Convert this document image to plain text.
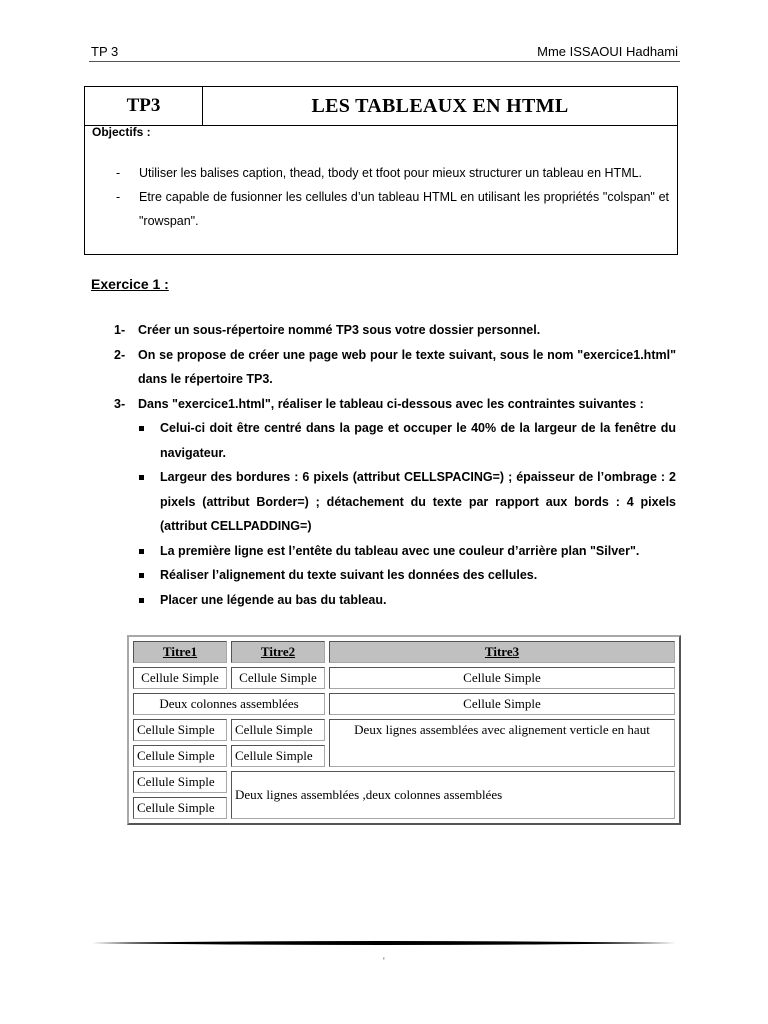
TP 3	Mme ISSAOUI Hadhami
TP3	LES TABLEAUX EN HTML
Objectifs :
- Utiliser les balises caption, thead, tbody et tfoot pour mieux structurer un tableau en HTML.
- Etre capable de fusionner les cellules d’un tableau HTML en utilisant les propriétés "colspan" et "rowspan".
Exercice 1 :
1- Créer un sous-répertoire nommé TP3 sous votre dossier personnel.
2- On se propose de créer une page web pour le texte suivant, sous le nom "exercice1.html" dans le répertoire TP3.
3- Dans "exercice1.html", réaliser le tableau ci-dessous avec les contraintes suivantes :
Celui-ci doit être centré dans la page et occuper le 40% de la largeur de la fenêtre du navigateur.
Largeur des bordures : 6 pixels (attribut CELLSPACING=) ; épaisseur de l’ombrage : 2 pixels (attribut Border=) ; détachement du texte par rapport aux bords : 4 pixels (attribut CELLPADDING=)
La première ligne est l’entête du tableau avec une couleur d’arrière plan "Silver".
Réaliser l’alignement du texte suivant les données des cellules.
Placer une légende au bas du tableau.
Titre1	Titre2	Titre3
Cellule Simple	Cellule Simple	Cellule Simple
Deux colonnes assemblées		Cellule Simple
Cellule Simple	Cellule Simple	Deux lignes assemblées avec alignement verticle en haut
Cellule Simple	Cellule Simple	
Cellule Simple	Deux lignes assemblées ,deux colonnes assemblées	
Cellule Simple		
'
